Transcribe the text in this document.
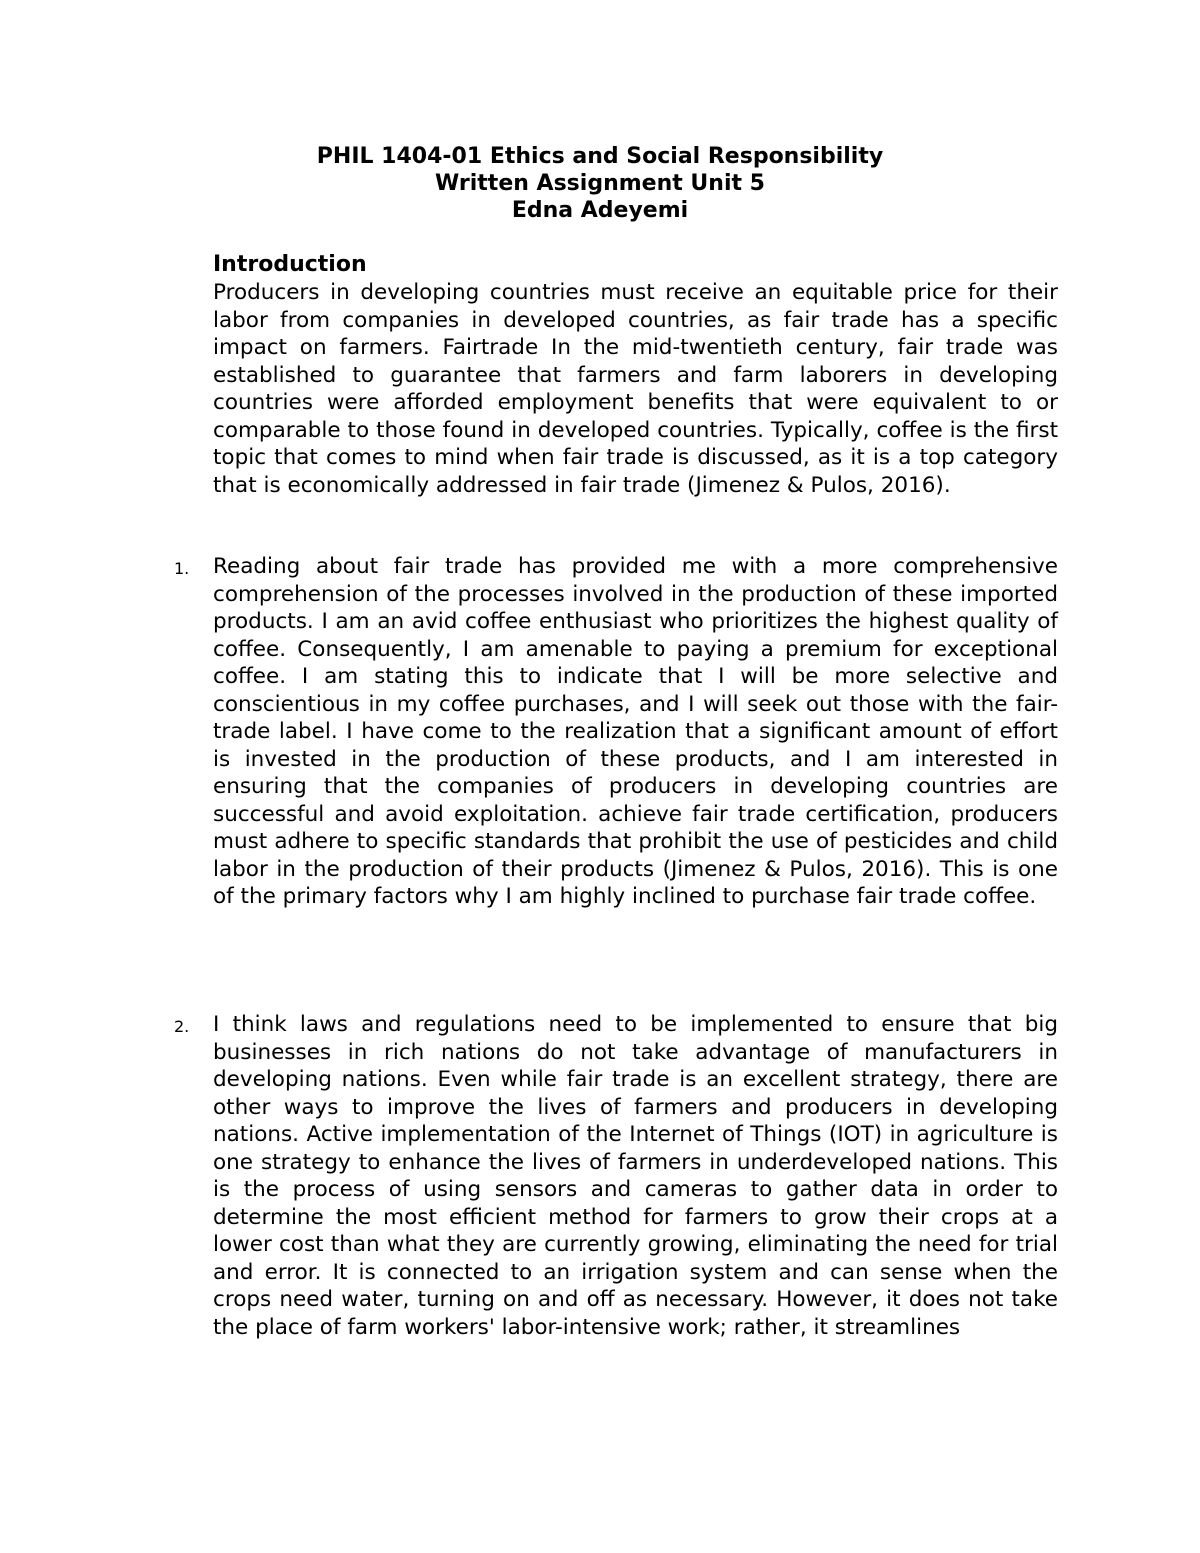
PHIL 1404-01 Ethics and Social Responsibility
Written Assignment Unit 5
Edna Adeyemi
Introduction
Producers in developing countries must receive an equitable price for their labor from companies in developed countries, as fair trade has a specific impact on farmers. Fairtrade In the mid-twentieth century, fair trade was established to guarantee that farmers and farm laborers in developing countries were afforded employment benefits that were equivalent to or comparable to those found in developed countries. Typically, coffee is the first topic that comes to mind when fair trade is discussed, as it is a top category that is economically addressed in fair trade (Jimenez & Pulos, 2016).
1. Reading about fair trade has provided me with a more comprehensive comprehension of the processes involved in the production of these imported products. I am an avid coffee enthusiast who prioritizes the highest quality of coffee. Consequently, I am amenable to paying a premium for exceptional coffee. I am stating this to indicate that I will be more selective and conscientious in my coffee purchases, and I will seek out those with the fair-trade label. I have come to the realization that a significant amount of effort is invested in the production of these products, and I am interested in ensuring that the companies of producers in developing countries are successful and avoid exploitation. achieve fair trade certification, producers must adhere to specific standards that prohibit the use of pesticides and child labor in the production of their products (Jimenez & Pulos, 2016). This is one of the primary factors why I am highly inclined to purchase fair trade coffee.
2. I think laws and regulations need to be implemented to ensure that big businesses in rich nations do not take advantage of manufacturers in developing nations. Even while fair trade is an excellent strategy, there are other ways to improve the lives of farmers and producers in developing nations. Active implementation of the Internet of Things (IOT) in agriculture is one strategy to enhance the lives of farmers in underdeveloped nations. This is the process of using sensors and cameras to gather data in order to determine the most efficient method for farmers to grow their crops at a lower cost than what they are currently growing, eliminating the need for trial and error. It is connected to an irrigation system and can sense when the crops need water, turning on and off as necessary. However, it does not take the place of farm workers' labor-intensive work; rather, it streamlines
